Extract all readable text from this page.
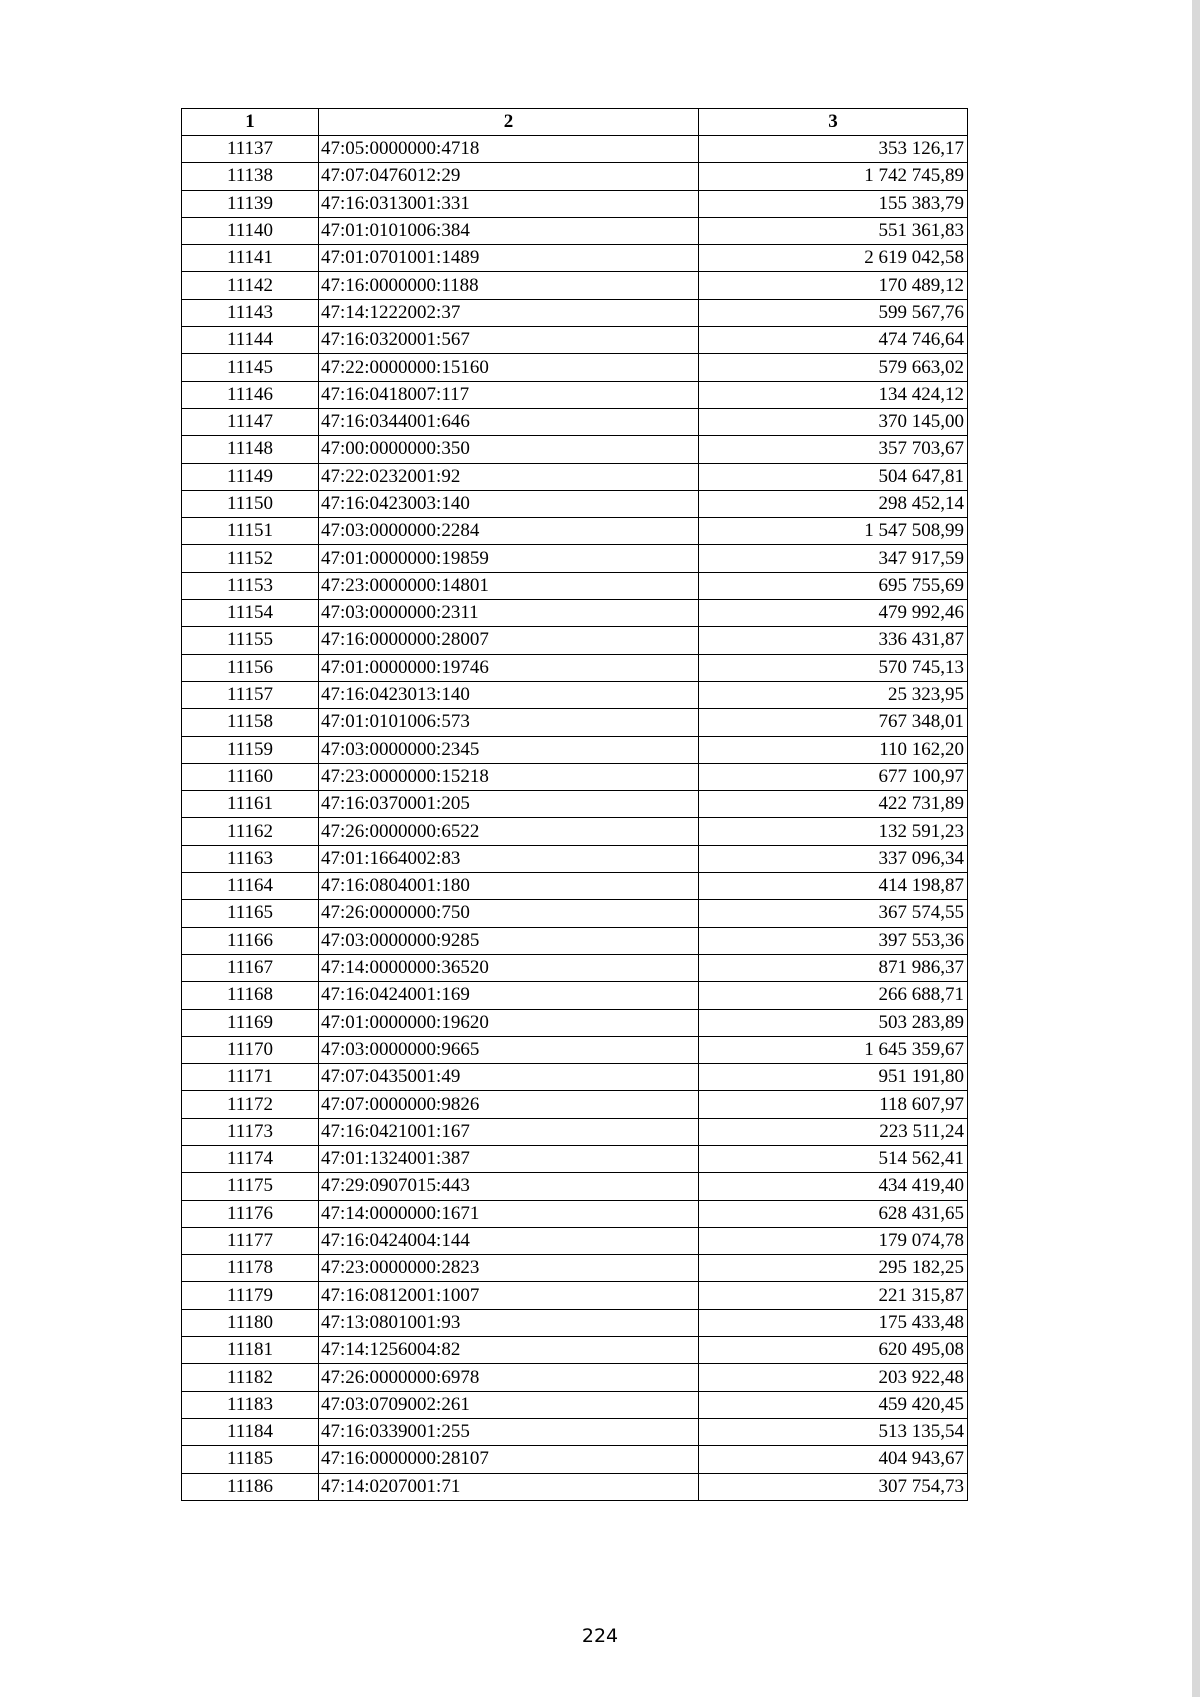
1	2	3
11137	47:05:0000000:4718	353 126,17
11138	47:07:0476012:29	1 742 745,89
11139	47:16:0313001:331	155 383,79
11140	47:01:0101006:384	551 361,83
11141	47:01:0701001:1489	2 619 042,58
11142	47:16:0000000:1188	170 489,12
11143	47:14:1222002:37	599 567,76
11144	47:16:0320001:567	474 746,64
11145	47:22:0000000:15160	579 663,02
11146	47:16:0418007:117	134 424,12
11147	47:16:0344001:646	370 145,00
11148	47:00:0000000:350	357 703,67
11149	47:22:0232001:92	504 647,81
11150	47:16:0423003:140	298 452,14
11151	47:03:0000000:2284	1 547 508,99
11152	47:01:0000000:19859	347 917,59
11153	47:23:0000000:14801	695 755,69
11154	47:03:0000000:2311	479 992,46
11155	47:16:0000000:28007	336 431,87
11156	47:01:0000000:19746	570 745,13
11157	47:16:0423013:140	25 323,95
11158	47:01:0101006:573	767 348,01
11159	47:03:0000000:2345	110 162,20
11160	47:23:0000000:15218	677 100,97
11161	47:16:0370001:205	422 731,89
11162	47:26:0000000:6522	132 591,23
11163	47:01:1664002:83	337 096,34
11164	47:16:0804001:180	414 198,87
11165	47:26:0000000:750	367 574,55
11166	47:03:0000000:9285	397 553,36
11167	47:14:0000000:36520	871 986,37
11168	47:16:0424001:169	266 688,71
11169	47:01:0000000:19620	503 283,89
11170	47:03:0000000:9665	1 645 359,67
11171	47:07:0435001:49	951 191,80
11172	47:07:0000000:9826	118 607,97
11173	47:16:0421001:167	223 511,24
11174	47:01:1324001:387	514 562,41
11175	47:29:0907015:443	434 419,40
11176	47:14:0000000:1671	628 431,65
11177	47:16:0424004:144	179 074,78
11178	47:23:0000000:2823	295 182,25
11179	47:16:0812001:1007	221 315,87
11180	47:13:0801001:93	175 433,48
11181	47:14:1256004:82	620 495,08
11182	47:26:0000000:6978	203 922,48
11183	47:03:0709002:261	459 420,45
11184	47:16:0339001:255	513 135,54
11185	47:16:0000000:28107	404 943,67
11186	47:14:0207001:71	307 754,73
224
